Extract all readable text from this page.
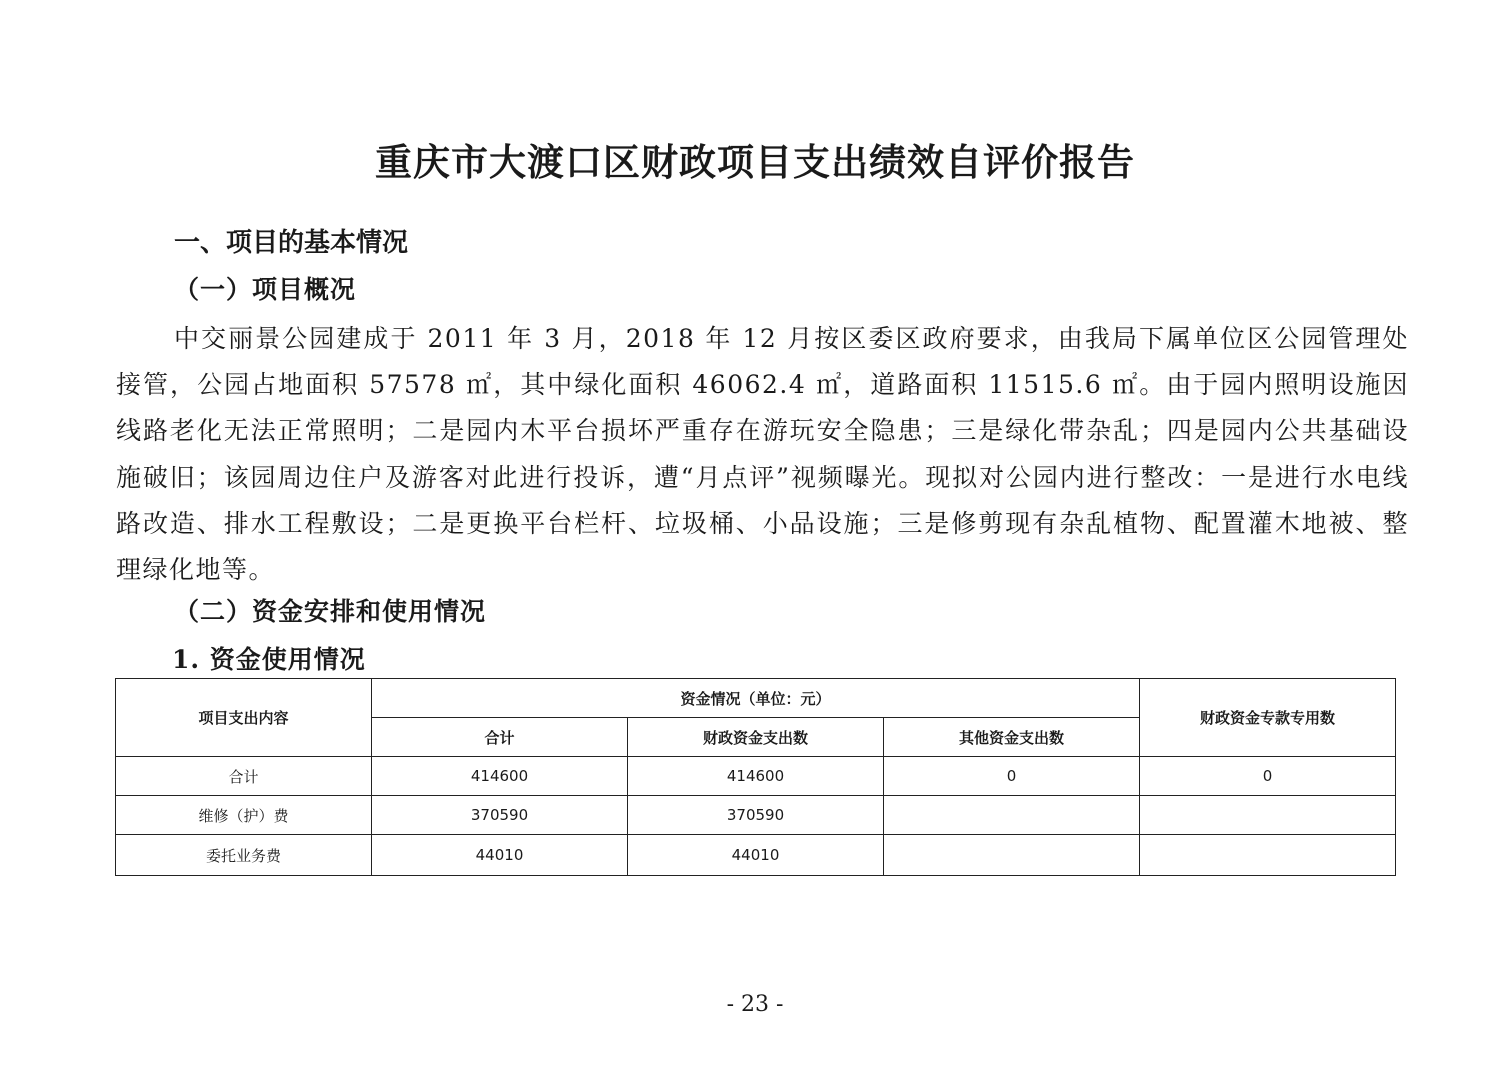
重庆市大渡口区财政项目支出绩效自评价报告
一、项目的基本情况
（一）项目概况

中交丽景公园建成于 2011 年 3 月，2018 年 12 月按区委区政府要求，由我局下属单位区公园管理处接管，公园占地面积 57578 ㎡，其中绿化面积 46062.4 ㎡，道路面积 11515.6 ㎡。由于园内照明设施因线路老化无法正常照明；二是园内木平台损坏严重存在游玩安全隐患；三是绿化带杂乱；四是园内公共基础设施破旧；该园周边住户及游客对此进行投诉，遭“月点评”视频曝光。现拟对公园内进行整改：一是进行水电线路改造、排水工程敷设；二是更换平台栏杆、垃圾桶、小品设施；三是修剪现有杂乱植物、配置灌木地被、整理绿化地等。

（二）资金安排和使用情况
1. 资金使用情况
项目支出内容	资金情况（单位：元）			财政资金专款专用数
	合计	财政资金支出数	其他资金支出数	
合计	414600	414600	0	0
维修（护）费	370590	370590		
委托业务费	44010	44010		

- 23 -
